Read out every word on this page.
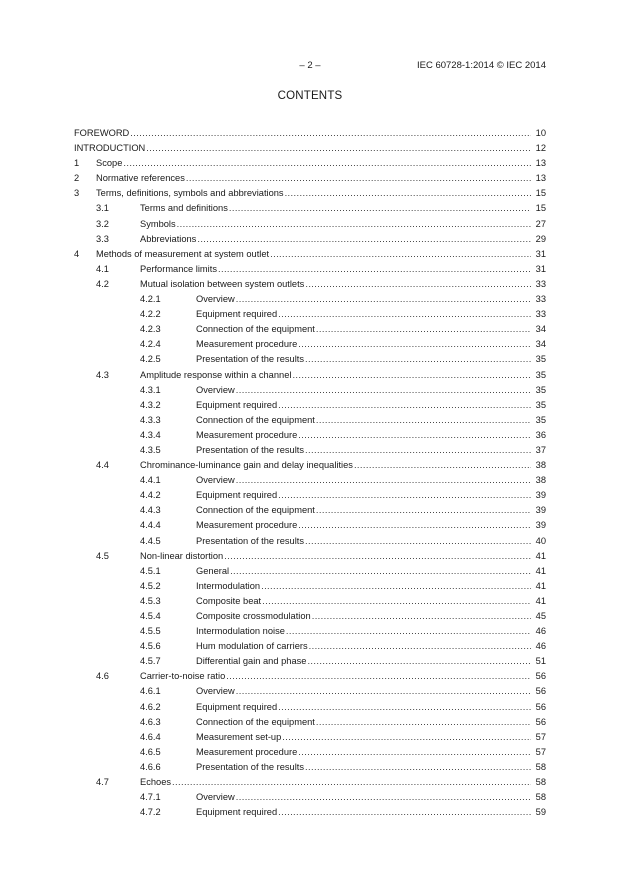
– 2 –	IEC 60728-1:2014 © IEC 2014
CONTENTS
FOREWORD .....	10
INTRODUCTION .....	12
1	Scope .....	13
2	Normative references .....	13
3	Terms, definitions, symbols and abbreviations .....	15
3.1	Terms and definitions .....	15
3.2	Symbols .....	27
3.3	Abbreviations .....	29
4	Methods of measurement at system outlet .....	31
4.1	Performance limits .....	31
4.2	Mutual isolation between system outlets .....	33
4.2.1	Overview .....	33
4.2.2	Equipment required .....	33
4.2.3	Connection of the equipment .....	34
4.2.4	Measurement procedure .....	34
4.2.5	Presentation of the results .....	35
4.3	Amplitude response within a channel .....	35
4.3.1	Overview .....	35
4.3.2	Equipment required .....	35
4.3.3	Connection of the equipment .....	35
4.3.4	Measurement procedure .....	36
4.3.5	Presentation of the results .....	37
4.4	Chrominance-luminance gain and delay inequalities .....	38
4.4.1	Overview .....	38
4.4.2	Equipment required .....	39
4.4.3	Connection of the equipment .....	39
4.4.4	Measurement procedure .....	39
4.4.5	Presentation of the results .....	40
4.5	Non-linear distortion .....	41
4.5.1	General .....	41
4.5.2	Intermodulation .....	41
4.5.3	Composite beat .....	41
4.5.4	Composite crossmodulation .....	45
4.5.5	Intermodulation noise .....	46
4.5.6	Hum modulation of carriers .....	46
4.5.7	Differential gain and phase .....	51
4.6	Carrier-to-noise ratio .....	56
4.6.1	Overview .....	56
4.6.2	Equipment required .....	56
4.6.3	Connection of the equipment .....	56
4.6.4	Measurement set-up .....	57
4.6.5	Measurement procedure .....	57
4.6.6	Presentation of the results .....	58
4.7	Echoes .....	58
4.7.1	Overview .....	58
4.7.2	Equipment required .....	59
